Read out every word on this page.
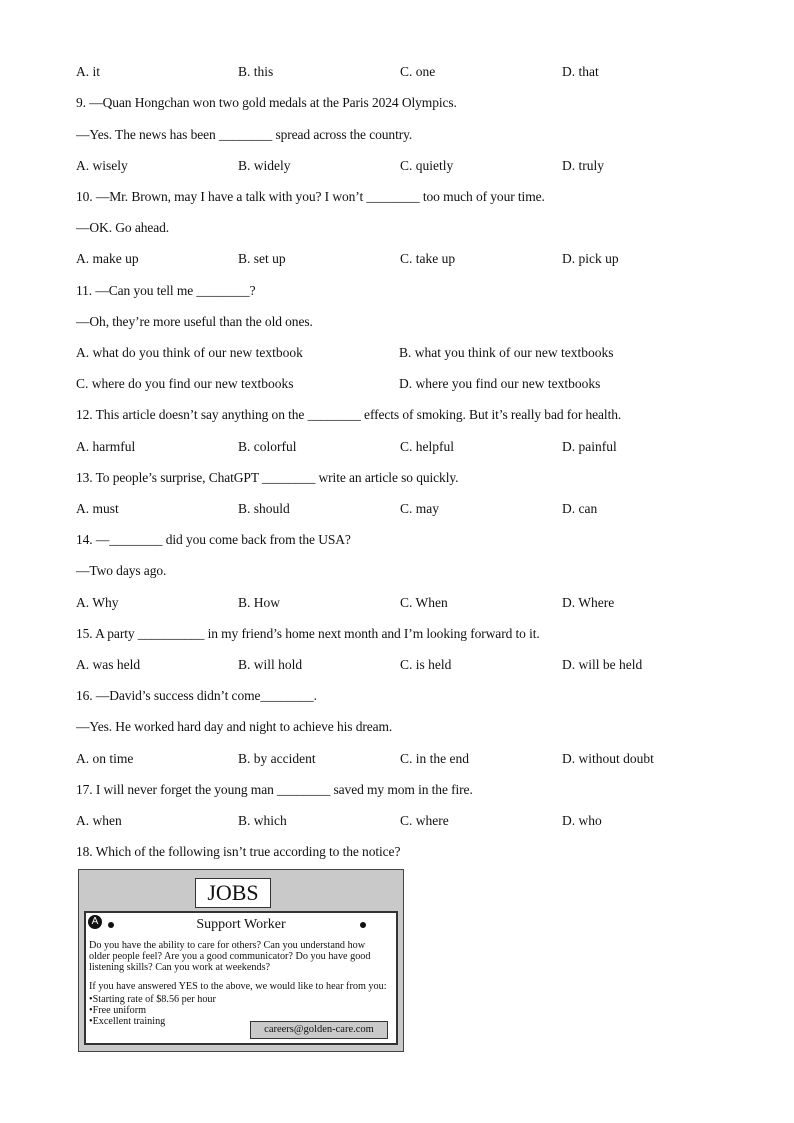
A. it	B. this	C. one	D. that
9. —Quan Hongchan won two gold medals at the Paris 2024 Olympics.
—Yes. The news has been ________ spread across the country.
A. wisely	B. widely	C. quietly	D. truly
10. —Mr. Brown, may I have a talk with you? I won’t ________ too much of your time.
—OK. Go ahead.
A. make up	B. set up	C. take up	D. pick up
11. —Can you tell me ________?
—Oh, they’re more useful than the old ones.
A. what do you think of our new textbook	B. what you think of our new textbooks
C. where do you find our new textbooks	D. where you find our new textbooks
12. This article doesn’t say anything on the ________ effects of smoking. But it’s really bad for health.
A. harmful	B. colorful	C. helpful	D. painful
13. To people’s surprise, ChatGPT ________ write an article so quickly.
A. must	B. should	C. may	D. can
14. —________ did you come back from the USA?
—Two days ago.
A. Why	B. How	C. When	D. Where
15. A party __________ in my friend’s home next month and I’m looking forward to it.
A. was held	B. will hold	C. is held	D. will be held
16. —David’s success didn’t come________.
—Yes. He worked hard day and night to achieve his dream.
A. on time	B. by accident	C. in the end	D. without doubt
17. I will never forget the young man ________ saved my mom in the fire.
A. when	B. which	C. where	D. who
18. Which of the following isn’t true according to the notice?
JOBS
A	Support Worker
Do you have the ability to care for others? Can you understand how
older people feel? Are you a good communicator? Do you have good
listening skills? Can you work at weekends?
If you have answered YES to the above, we would like to hear from you:
•Starting rate of $8.56 per hour
•Free uniform
•Excellent training
careers@golden-care.com
